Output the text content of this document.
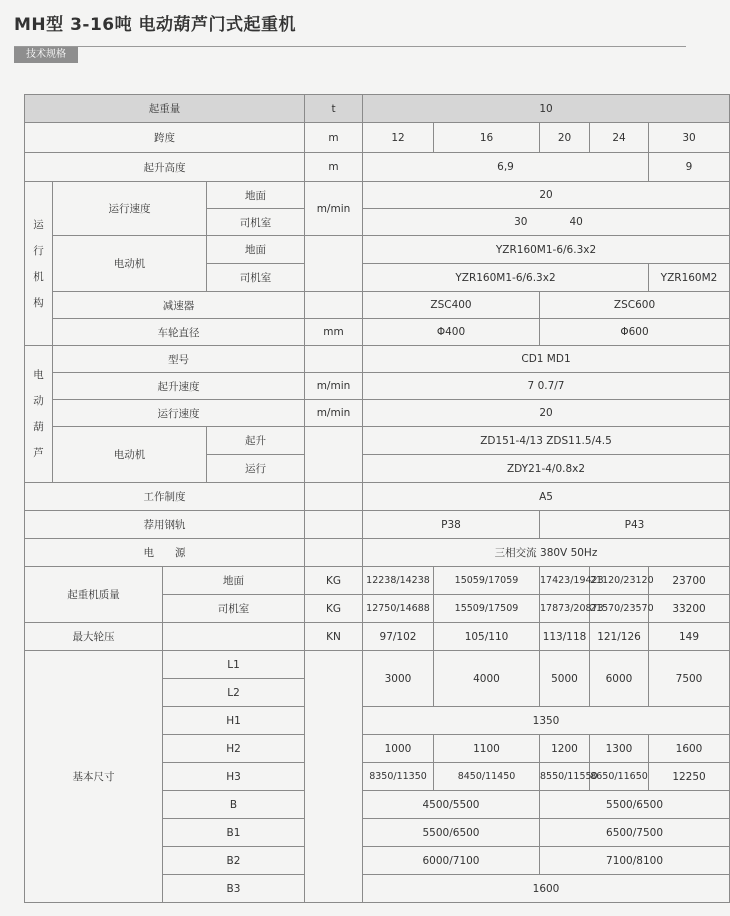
MH型 3-16吨 电动葫芦门式起重机
技术规格
起重量				t	10				
跨度				m	12	16	20	24	30
起升高度				m	6,9				9
运
行
机
构	运行速度		地面	m/min	20				
			司机室		30		40		
	电动机		地面		YZR160M1-6/6.3x2				
			司机室		YZR160M1-6/6.3x2				YZR160M2
	减速器				ZSC400		ZSC600		
	车轮直径			mm	Φ400		Φ600		
电
动
葫
芦	型号				CD1 MD1				
	起升速度			m/min	7 0.7/7				
	运行速度			m/min	20				
	电动机		起升		ZD151-4/13 ZDS11.5/4.5				
			运行		ZDY21-4/0.8x2				
工作制度					A5				
荐用钢轨					P38		P43		
电　　源					三相交流 380V 50Hz				
起重机质量		地面		KG	12238/14238	15059/17059	17423/19423	21120/23120	23700
		司机室		KG	12750/14688	15509/17509	17873/20873	21570/23570	33200
最大轮压				KN	97/102	105/110	113/118	121/126	149
基本尺寸		L1			3000	4000	5000	6000	7500
		L2							
		H1			1350				
		H2			1000	1100	1200	1300	1600
		H3			8350/11350	8450/11450	8550/11550	8650/11650	12250
		B			4500/5500		5500/6500		
		B1			5500/6500		6500/7500		
		B2			6000/7100		7100/8100		
		B3			1600				
